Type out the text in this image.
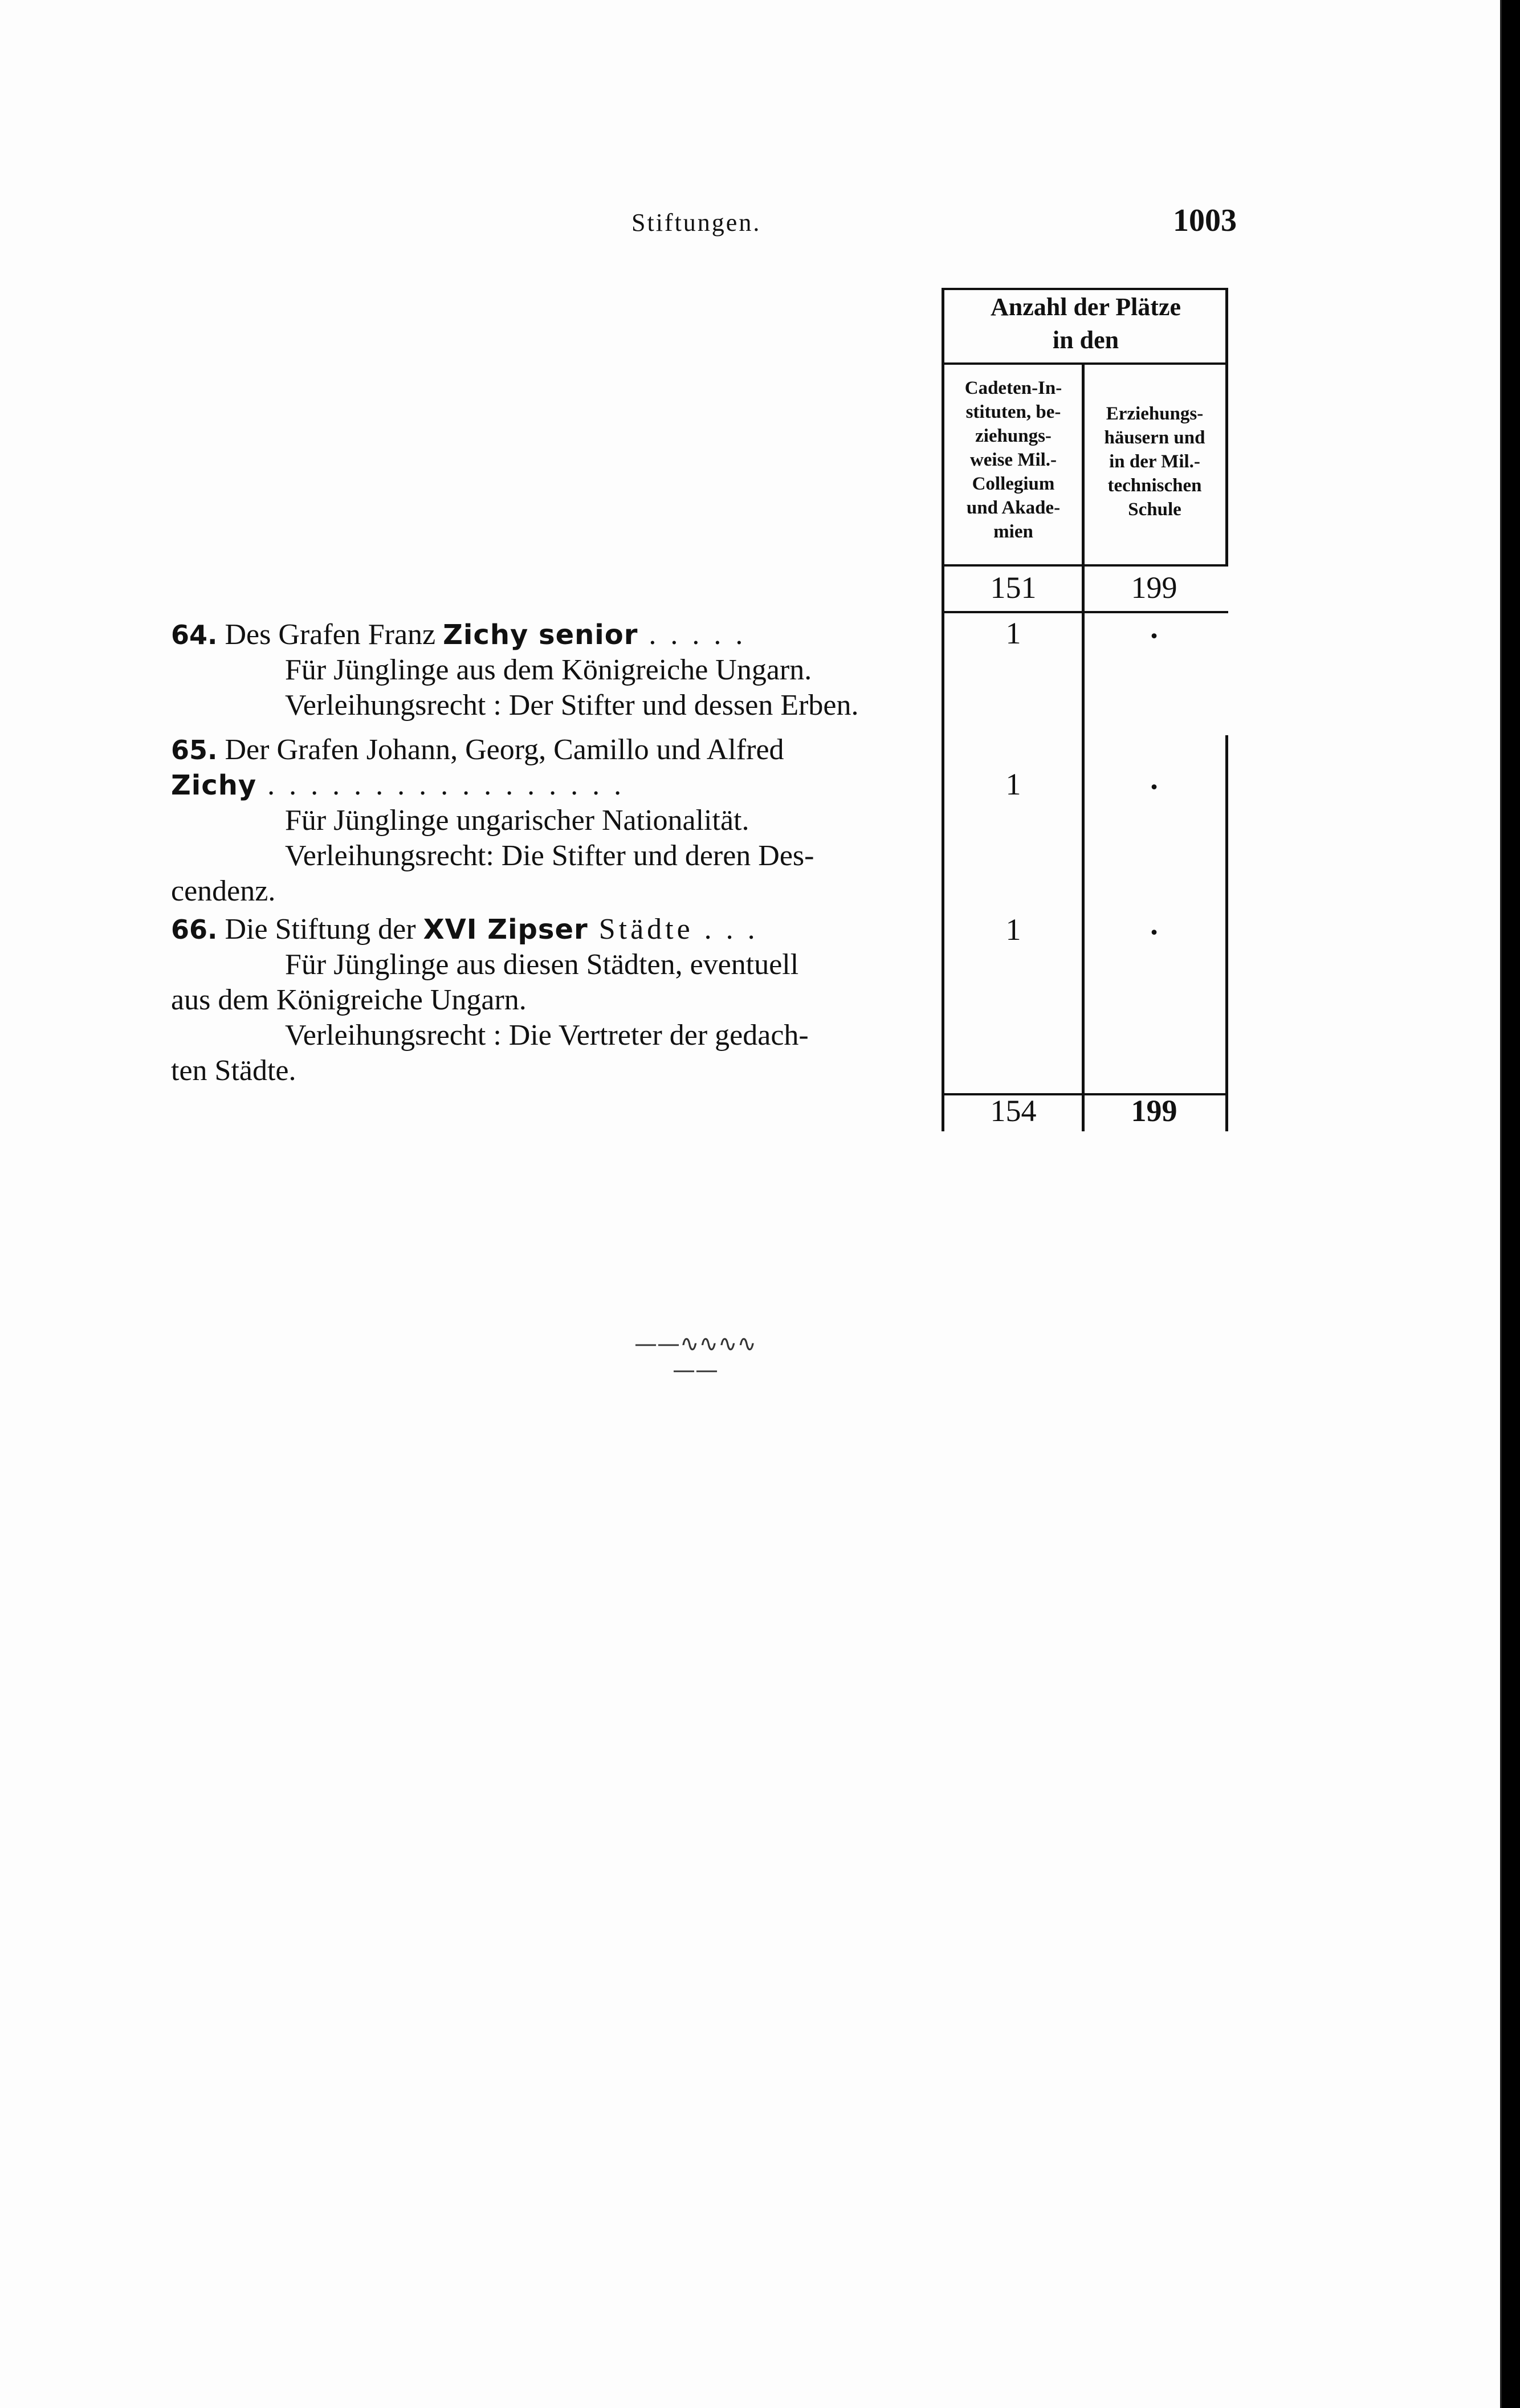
Stiftungen.	1003
Anzahl der Plätze
in den
Cadeten-In-
stituten, be-
ziehungs-
weise Mil.-
Collegium
und Akade-
mien
Erziehungs-
häusern und
in der Mil.-
technischen
Schule
151	199
64. Des Grafen Franz Zichy senior . . . . .
Für Jünglinge aus dem Königreiche Ungarn.
Verleihungsrecht : Der Stifter und dessen Erben.
1	.
65. Der Grafen Johann, Georg, Camillo und Alfred
Zichy . . . . . . . . . . . . . . . . .
Für Jünglinge ungarischer Nationalität.
Verleihungsrecht: Die Stifter und deren Des-
cendenz.
1	.
66. Die Stiftung der XVI Zipser Städte . . .
Für Jünglinge aus diesen Städten, eventuell
aus dem Königreiche Ungarn.
Verleihungsrecht : Die Vertreter der gedach-
ten Städte.
1	.
154	199
——∿∿∿∿——
